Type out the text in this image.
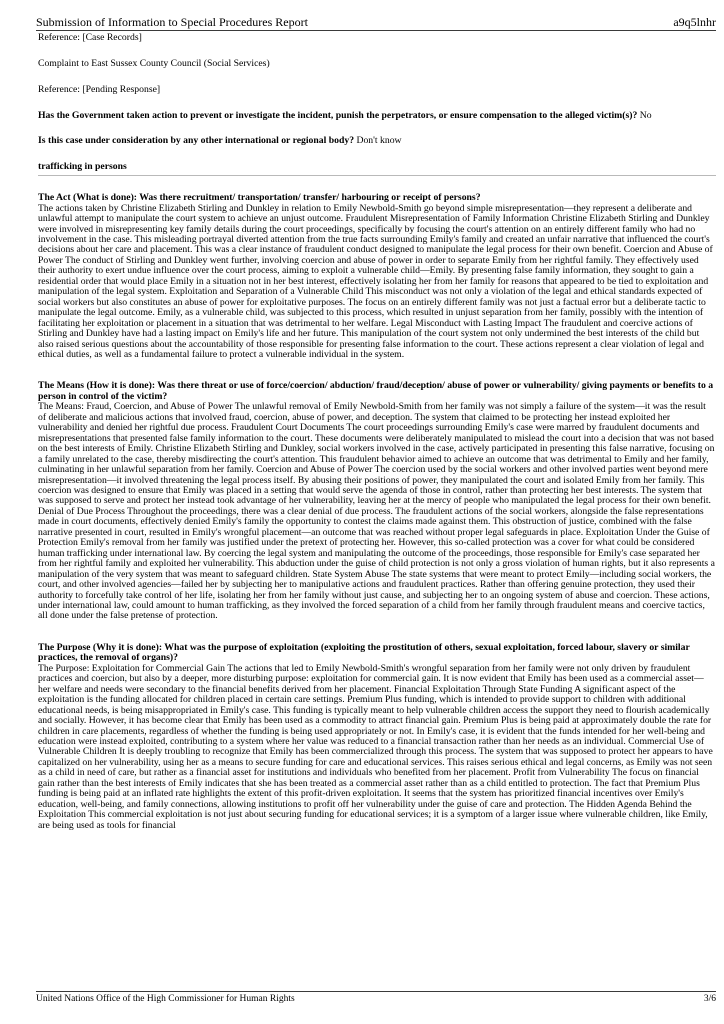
Submission of Information to Special Procedures Report	a9q5lnhr

Reference: [Case Records]

Complaint to East Sussex County Council (Social Services)

Reference: [Pending Response]

Has the Government taken action to prevent or investigate the incident, punish the perpetrators, or ensure compensation to the alleged victim(s)? No

Is this case under consideration by any other international or regional body? Don't know

trafficking in persons

The Act (What is done): Was there recruitment/ transportation/ transfer/ harbouring or receipt of persons?

The actions taken by Christine Elizabeth Stirling and Dunkley in relation to Emily Newbold-Smith go beyond simple misrepresentation—they represent a deliberate and unlawful attempt to manipulate the court system to achieve an unjust outcome. Fraudulent Misrepresentation of Family Information Christine Elizabeth Stirling and Dunkley were involved in misrepresenting key family details during the court proceedings, specifically by focusing the court's attention on an entirely different family who had no involvement in the case. This misleading portrayal diverted attention from the true facts surrounding Emily's family and created an unfair narrative that influenced the court's decisions about her care and placement. This was a clear instance of fraudulent conduct designed to manipulate the legal process for their own benefit. Coercion and Abuse of Power The conduct of Stirling and Dunkley went further, involving coercion and abuse of power in order to separate Emily from her rightful family. They effectively used their authority to exert undue influence over the court process, aiming to exploit a vulnerable child—Emily. By presenting false family information, they sought to gain a residential order that would place Emily in a situation not in her best interest, effectively isolating her from her family for reasons that appeared to be tied to exploitation and manipulation of the legal system. Exploitation and Separation of a Vulnerable Child This misconduct was not only a violation of the legal and ethical standards expected of social workers but also constitutes an abuse of power for exploitative purposes. The focus on an entirely different family was not just a factual error but a deliberate tactic to manipulate the legal outcome. Emily, as a vulnerable child, was subjected to this process, which resulted in unjust separation from her family, possibly with the intention of facilitating her exploitation or placement in a situation that was detrimental to her welfare. Legal Misconduct with Lasting Impact The fraudulent and coercive actions of Stirling and Dunkley have had a lasting impact on Emily's life and her future. This manipulation of the court system not only undermined the best interests of the child but also raised serious questions about the accountability of those responsible for presenting false information to the court. These actions represent a clear violation of legal and ethical duties, as well as a fundamental failure to protect a vulnerable individual in the system.

The Means (How it is done): Was there threat or use of force/coercion/ abduction/ fraud/deception/ abuse of power or vulnerability/ giving payments or benefits to a person in control of the victim?

The Means: Fraud, Coercion, and Abuse of Power The unlawful removal of Emily Newbold-Smith from her family was not simply a failure of the system—it was the result of deliberate and malicious actions that involved fraud, coercion, abuse of power, and deception. The system that claimed to be protecting her instead exploited her vulnerability and denied her rightful due process. Fraudulent Court Documents The court proceedings surrounding Emily's case were marred by fraudulent documents and misrepresentations that presented false family information to the court. These documents were deliberately manipulated to mislead the court into a decision that was not based on the best interests of Emily. Christine Elizabeth Stirling and Dunkley, social workers involved in the case, actively participated in presenting this false narrative, focusing on a family unrelated to the case, thereby misdirecting the court's attention. This fraudulent behavior aimed to achieve an outcome that was detrimental to Emily and her family, culminating in her unlawful separation from her family. Coercion and Abuse of Power The coercion used by the social workers and other involved parties went beyond mere misrepresentation—it involved threatening the legal process itself. By abusing their positions of power, they manipulated the court and isolated Emily from her family. This coercion was designed to ensure that Emily was placed in a setting that would serve the agenda of those in control, rather than protecting her best interests. The system that was supposed to serve and protect her instead took advantage of her vulnerability, leaving her at the mercy of people who manipulated the legal process for their own benefit. Denial of Due Process Throughout the proceedings, there was a clear denial of due process. The fraudulent actions of the social workers, alongside the false representations made in court documents, effectively denied Emily's family the opportunity to contest the claims made against them. This obstruction of justice, combined with the false narrative presented in court, resulted in Emily's wrongful placement—an outcome that was reached without proper legal safeguards in place. Exploitation Under the Guise of Protection Emily's removal from her family was justified under the pretext of protecting her. However, this so-called protection was a cover for what could be considered human trafficking under international law. By coercing the legal system and manipulating the outcome of the proceedings, those responsible for Emily's case separated her from her rightful family and exploited her vulnerability. This abduction under the guise of child protection is not only a gross violation of human rights, but it also represents a manipulation of the very system that was meant to safeguard children. State System Abuse The state systems that were meant to protect Emily—including social workers, the court, and other involved agencies—failed her by subjecting her to manipulative actions and fraudulent practices. Rather than offering genuine protection, they used their authority to forcefully take control of her life, isolating her from her family without just cause, and subjecting her to an ongoing system of abuse and coercion. These actions, under international law, could amount to human trafficking, as they involved the forced separation of a child from her family through fraudulent means and coercive tactics, all done under the false pretense of protection.

The Purpose (Why it is done): What was the purpose of exploitation (exploiting the prostitution of others, sexual exploitation, forced labour, slavery or similar practices, the removal of organs)?

The Purpose: Exploitation for Commercial Gain The actions that led to Emily Newbold-Smith's wrongful separation from her family were not only driven by fraudulent practices and coercion, but also by a deeper, more disturbing purpose: exploitation for commercial gain. It is now evident that Emily has been used as a commercial asset—her welfare and needs were secondary to the financial benefits derived from her placement. Financial Exploitation Through State Funding A significant aspect of the exploitation is the funding allocated for children placed in certain care settings. Premium Plus funding, which is intended to provide support to children with additional educational needs, is being misappropriated in Emily's case. This funding is typically meant to help vulnerable children access the support they need to flourish academically and socially. However, it has become clear that Emily has been used as a commodity to attract financial gain. Premium Plus is being paid at approximately double the rate for children in care placements, regardless of whether the funding is being used appropriately or not. In Emily's case, it is evident that the funds intended for her well-being and education were instead exploited, contributing to a system where her value was reduced to a financial transaction rather than her needs as an individual. Commercial Use of Vulnerable Children It is deeply troubling to recognize that Emily has been commercialized through this process. The system that was supposed to protect her appears to have capitalized on her vulnerability, using her as a means to secure funding for care and educational services. This raises serious ethical and legal concerns, as Emily was not seen as a child in need of care, but rather as a financial asset for institutions and individuals who benefited from her placement. Profit from Vulnerability The focus on financial gain rather than the best interests of Emily indicates that she has been treated as a commercial asset rather than as a child entitled to protection. The fact that Premium Plus funding is being paid at an inflated rate highlights the extent of this profit-driven exploitation. It seems that the system has prioritized financial incentives over Emily's education, well-being, and family connections, allowing institutions to profit off her vulnerability under the guise of care and protection. The Hidden Agenda Behind the Exploitation This commercial exploitation is not just about securing funding for educational services; it is a symptom of a larger issue where vulnerable children, like Emily, are being used as tools for financial

United Nations Office of the High Commissioner for Human Rights	3/6
